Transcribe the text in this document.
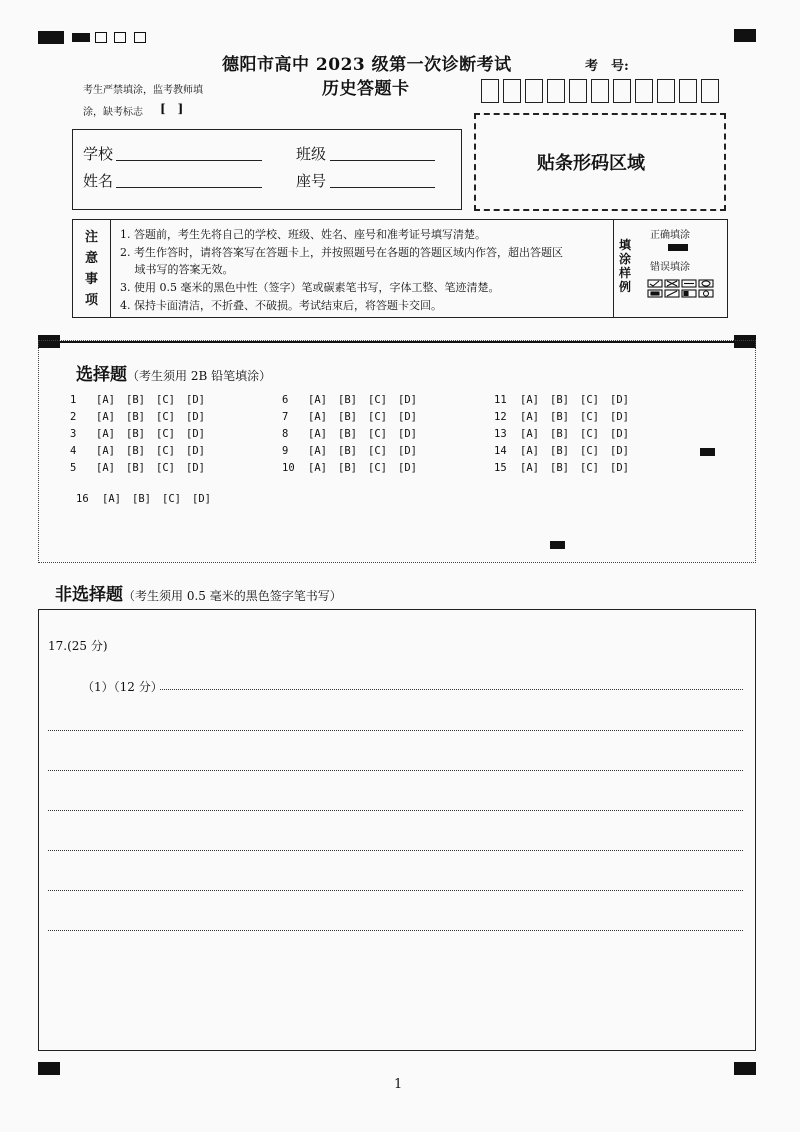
德阳市高中 2023 级第一次诊断考试
历史答题卡
考　号:
考生严禁填涂，监考教师填
涂，缺考标志 [　]
学校	班级
姓名	座号
贴条形码区域
注
意
事
项
1. 答题前，考生先将自己的学校、班级、姓名、座号和准考证号填写清楚。
2. 考生作答时，请将答案写在答题卡上，并按照题号在各题的答题区域内作答，超出答题区
　 域书写的答案无效。
3. 使用 0.5 毫米的黑色中性（签字）笔或碳素笔书写，字体工整、笔迹清楚。
4. 保持卡面清洁，不折叠、不破损。考试结束后，将答题卡交回。
填
涂
样
例
正确填涂
错误填涂
选择题（考生须用 2B 铅笔填涂）
1 [A] [B] [C] [D]
2 [A] [B] [C] [D]
3 [A] [B] [C] [D]
4 [A] [B] [C] [D]
5 [A] [B] [C] [D]
6 [A] [B] [C] [D]
7 [A] [B] [C] [D]
8 [A] [B] [C] [D]
9 [A] [B] [C] [D]
10 [A] [B] [C] [D]
11 [A] [B] [C] [D]
12 [A] [B] [C] [D]
13 [A] [B] [C] [D]
14 [A] [B] [C] [D]
15 [A] [B] [C] [D]
16 [A] [B] [C] [D]
非选择题（考生须用 0.5 毫米的黑色签字笔书写）
17.(25 分)
（1）（12 分）
1
